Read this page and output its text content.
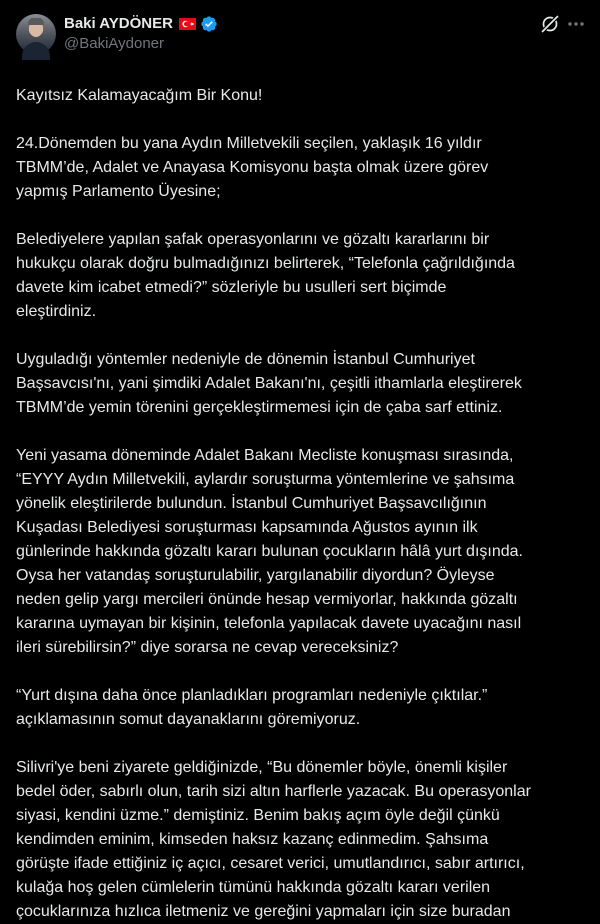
Baki AYDÖNER
@BakiAydoner
Kayıtsız Kalamayacağım Bir Konu!
24.Dönemden bu yana Aydın Milletvekili seçilen, yaklaşık 16 yıldır
TBMM’de, Adalet ve Anayasa Komisyonu başta olmak üzere görev
yapmış Parlamento Üyesine;
Belediyelere yapılan şafak operasyonlarını ve gözaltı kararlarını bir
hukukçu olarak doğru bulmadığınızı belirterek, “Telefonla çağrıldığında
davete kim icabet etmedi?” sözleriyle bu usulleri sert biçimde
eleştirdiniz.
Uyguladığı yöntemler nedeniyle de dönemin İstanbul Cumhuriyet
Başsavcısı'nı, yani şimdiki Adalet Bakanı'nı, çeşitli ithamlarla eleştirerek
TBMM’de yemin törenini gerçekleştirmemesi için de çaba sarf ettiniz.
Yeni yasama döneminde Adalet Bakanı Mecliste konuşması sırasında,
“EYYY Aydın Milletvekili, aylardır soruşturma yöntemlerine ve şahsıma
yönelik eleştirilerde bulundun. İstanbul Cumhuriyet Başsavcılığının
Kuşadası Belediyesi soruşturması kapsamında Ağustos ayının ilk
günlerinde hakkında gözaltı kararı bulunan çocukların hâlâ yurt dışında.
Oysa her vatandaş soruşturulabilir, yargılanabilir diyordun? Öyleyse
neden gelip yargı mercileri önünde hesap vermiyorlar, hakkında gözaltı
kararına uymayan bir kişinin, telefonla yapılacak davete uyacağını nasıl
ileri sürebilirsin?” diye sorarsa ne cevap vereceksiniz?
“Yurt dışına daha önce planladıkları programları nedeniyle çıktılar.”
açıklamasının somut dayanaklarını göremiyoruz.
Silivri'ye beni ziyarete geldiğinizde, “Bu dönemler böyle, önemli kişiler
bedel öder, sabırlı olun, tarih sizi altın harflerle yazacak. Bu operasyonlar
siyasi, kendini üzme.” demiştiniz. Benim bakış açım öyle değil çünkü
kendimden eminim, kimseden haksız kazanç edinmedim. Şahsıma
görüşte ifade ettiğiniz iç açıcı, cesaret verici, umutlandırıcı, sabır artırıcı,
kulağa hoş gelen cümlelerin tümünü hakkında gözaltı kararı verilen
çocuklarınıza hızlıca iletmeniz ve gereğini yapmaları için size buradan
